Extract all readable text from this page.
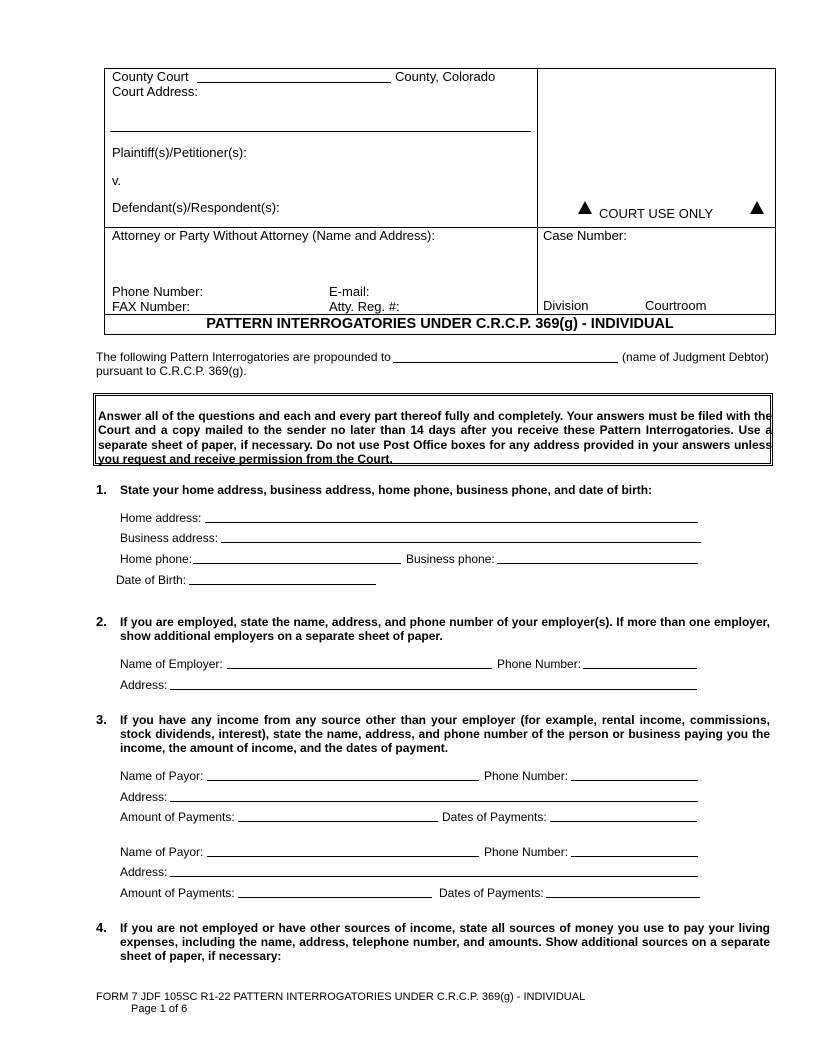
County Court	County, Colorado
Court Address:
Plaintiff(s)/Petitioner(s):
v.
Defendant(s)/Respondent(s):	COURT USE ONLY
Attorney or Party Without Attorney (Name and Address):
Phone Number:	E-mail:
FAX Number:	Atty. Reg. #:
Case Number:
Division	Courtroom
PATTERN INTERROGATORIES UNDER C.R.C.P. 369(g) - INDIVIDUAL
The following Pattern Interrogatories are propounded to	(name of Judgment Debtor)
pursuant to C.R.C.P. 369(g).
Answer all of the questions and each and every part thereof fully and completely. Your answers must be filed with the Court and a copy mailed to the sender no later than 14 days after you receive these Pattern Interrogatories. Use a separate sheet of paper, if necessary. Do not use Post Office boxes for any address provided in your answers unless you request and receive permission from the Court.
1. State your home address, business address, home phone, business phone, and date of birth:
Home address:
Business address:
Home phone:	Business phone:
Date of Birth:
2. If you are employed, state the name, address, and phone number of your employer(s). If more than one employer, show additional employers on a separate sheet of paper.
Name of Employer:	Phone Number:
Address:
3. If you have any income from any source other than your employer (for example, rental income, commissions, stock dividends, interest), state the name, address, and phone number of the person or business paying you the income, the amount of income, and the dates of payment.
Name of Payor:	Phone Number:
Address:
Amount of Payments:	Dates of Payments:
Name of Payor:	Phone Number:
Address:
Amount of Payments:	Dates of Payments:
4. If you are not employed or have other sources of income, state all sources of money you use to pay your living expenses, including the name, address, telephone number, and amounts. Show additional sources on a separate sheet of paper, if necessary:
FORM 7 JDF 105SC R1-22 PATTERN INTERROGATORIES UNDER C.R.C.P. 369(g) - INDIVIDUAL
Page 1 of 6
